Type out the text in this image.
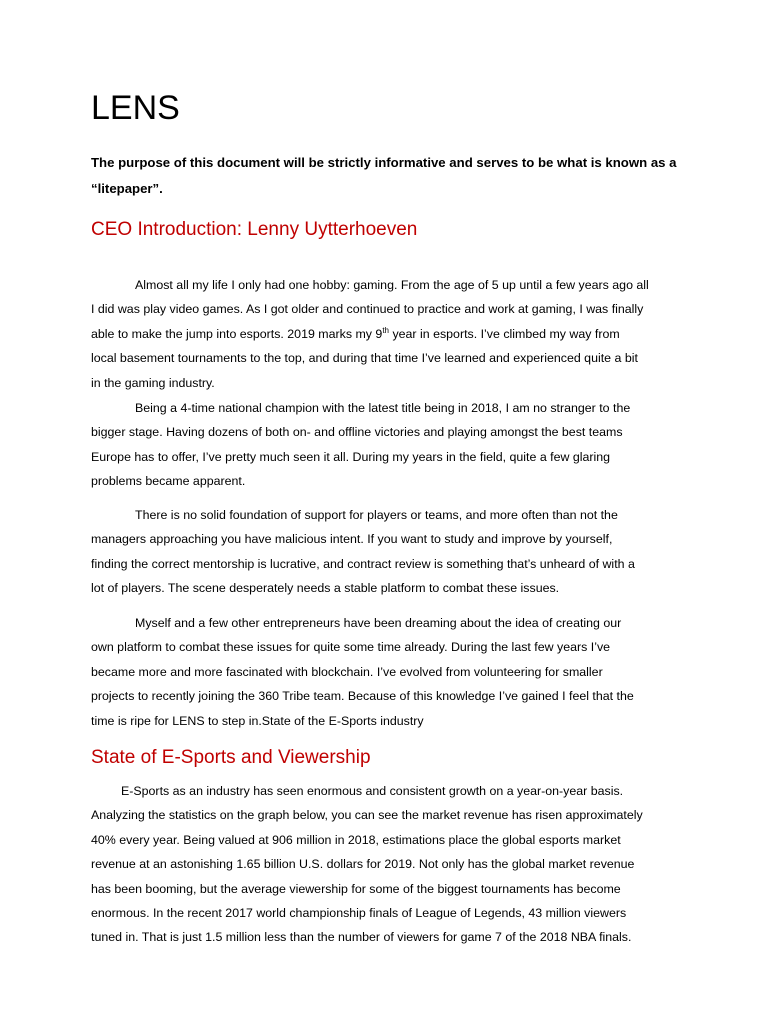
LENS

The purpose of this document will be strictly informative and serves to be what is known as a
“litepaper”.

CEO Introduction: Lenny Uytterhoeven

Almost all my life I only had one hobby: gaming. From the age of 5 up until a few years ago all
I did was play video games. As I got older and continued to practice and work at gaming, I was finally
able to make the jump into esports. 2019 marks my 9th year in esports. I’ve climbed my way from
local basement tournaments to the top, and during that time I’ve learned and experienced quite a bit
in the gaming industry.

Being a 4-time national champion with the latest title being in 2018, I am no stranger to the
bigger stage. Having dozens of both on- and offline victories and playing amongst the best teams
Europe has to offer, I’ve pretty much seen it all. During my years in the field, quite a few glaring
problems became apparent.

There is no solid foundation of support for players or teams, and more often than not the
managers approaching you have malicious intent. If you want to study and improve by yourself,
finding the correct mentorship is lucrative, and contract review is something that’s unheard of with a
lot of players. The scene desperately needs a stable platform to combat these issues.

Myself and a few other entrepreneurs have been dreaming about the idea of creating our
own platform to combat these issues for quite some time already. During the last few years I’ve
became more and more fascinated with blockchain. I’ve evolved from volunteering for smaller
projects to recently joining the 360 Tribe team. Because of this knowledge I’ve gained I feel that the
time is ripe for LENS to step in.State of the E-Sports industry

State of E-Sports and Viewership

E-Sports as an industry has seen enormous and consistent growth on a year-on-year basis.
Analyzing the statistics on the graph below, you can see the market revenue has risen approximately
40% every year. Being valued at 906 million in 2018, estimations place the global esports market
revenue at an astonishing 1.65 billion U.S. dollars for 2019. Not only has the global market revenue
has been booming, but the average viewership for some of the biggest tournaments has become
enormous. In the recent 2017 world championship finals of League of Legends, 43 million viewers
tuned in. That is just 1.5 million less than the number of viewers for game 7 of the 2018 NBA finals.
